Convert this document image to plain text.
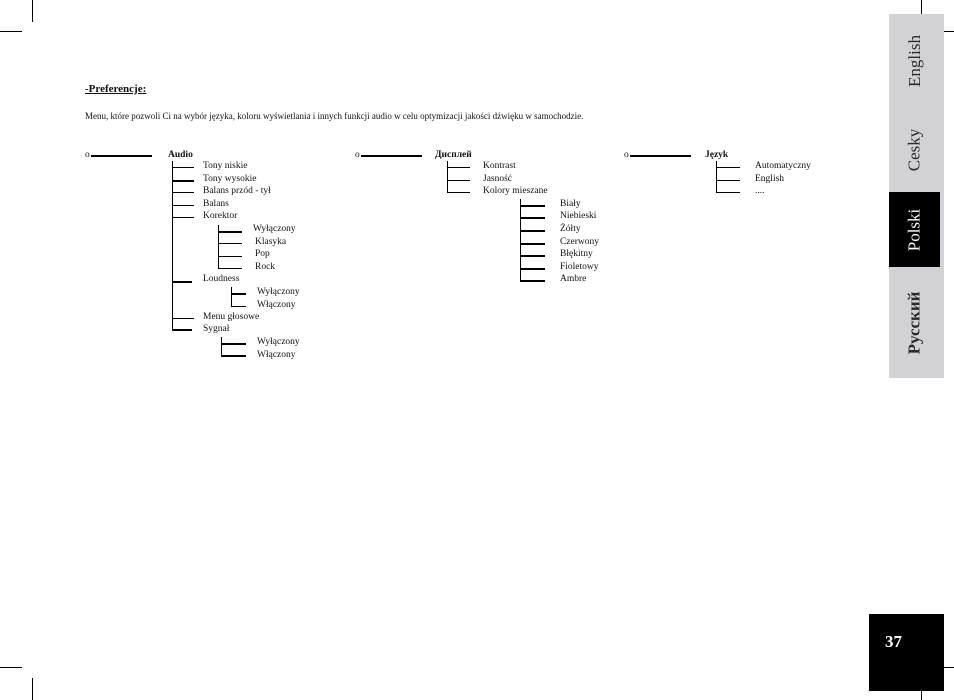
-Preferencje:
Menu, które pozwoli Ci na wybór języka, koloru wyświetlania i innych funkcji audio w celu optymizacji jakości dźwięku w samochodzie.
o	Audio
Tony niskie
Tony wysokie
Balans przód - tył
Balans
Korektor
Wyłączony
Klasyka
Pop
Rock
Loudness
Wyłączony
Włączony
Menu głosowe
Sygnał
Wyłączony
Włączony
o	Дисплей
Kontrast
Jasność
Kolory mieszane
Biały
Niebieski
Żółty
Czerwony
Błękitny
Fioletowy
Ambre
o	Język
Automatyczny
English
....
English
Cesky
Polski
Русский
37
